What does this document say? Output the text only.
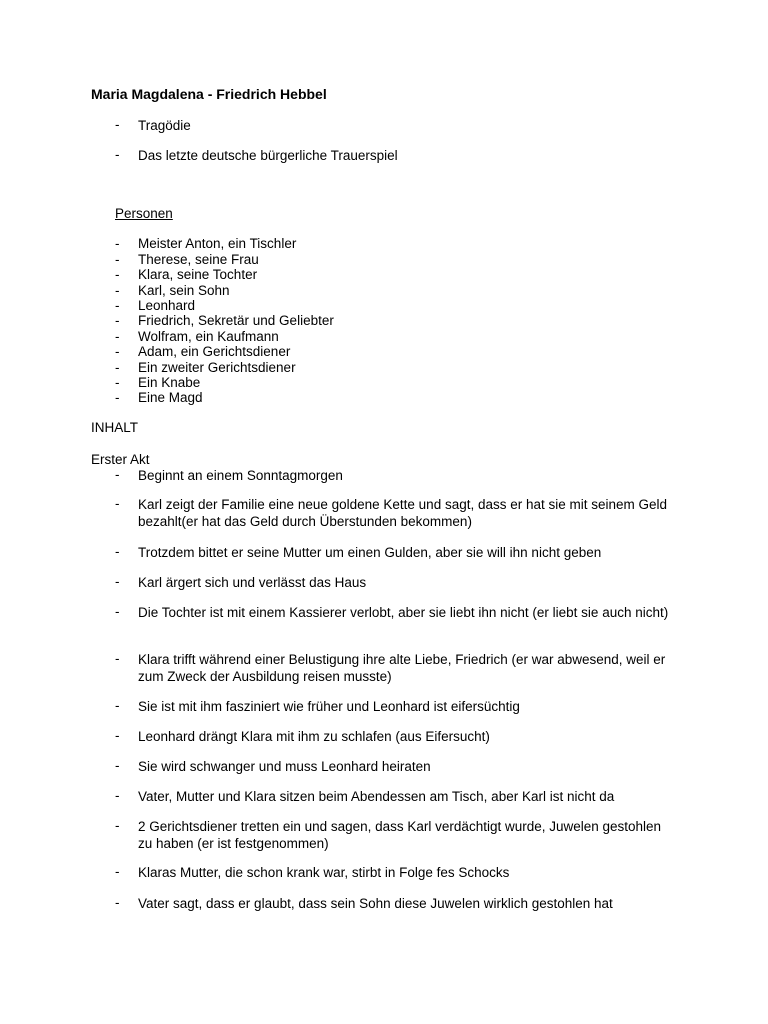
Maria Magdalena - Friedrich Hebbel
- Tragödie
- Das letzte deutsche bürgerliche Trauerspiel
Personen
- Meister Anton, ein Tischler
- Therese, seine Frau
- Klara, seine Tochter
- Karl, sein Sohn
- Leonhard
- Friedrich, Sekretär und Geliebter
- Wolfram, ein Kaufmann
- Adam, ein Gerichtsdiener
- Ein zweiter Gerichtsdiener
- Ein Knabe
- Eine Magd
INHALT
Erster Akt
- Beginnt an einem Sonntagmorgen
- Karl zeigt der Familie eine neue goldene Kette und sagt, dass er hat sie mit seinem Geld bezahlt(er hat das Geld durch Überstunden bekommen)
- Trotzdem bittet er seine Mutter um einen Gulden, aber sie will ihn nicht geben
- Karl ärgert sich und verlässt das Haus
- Die Tochter ist mit einem Kassierer verlobt, aber sie liebt ihn nicht (er liebt sie auch nicht)
- Klara trifft während einer Belustigung ihre alte Liebe, Friedrich (er war abwesend, weil er zum Zweck der Ausbildung reisen musste)
- Sie ist mit ihm fasziniert wie früher und Leonhard ist eifersüchtig
- Leonhard drängt Klara mit ihm zu schlafen (aus Eifersucht)
- Sie wird schwanger und muss Leonhard heiraten
- Vater, Mutter und Klara sitzen beim Abendessen am Tisch, aber Karl ist nicht da
- 2 Gerichtsdiener tretten ein und sagen, dass Karl verdächtigt wurde, Juwelen gestohlen zu haben (er ist festgenommen)
- Klaras Mutter, die schon krank war, stirbt in Folge fes Schocks
- Vater sagt, dass er glaubt, dass sein Sohn diese Juwelen wirklich gestohlen hat
